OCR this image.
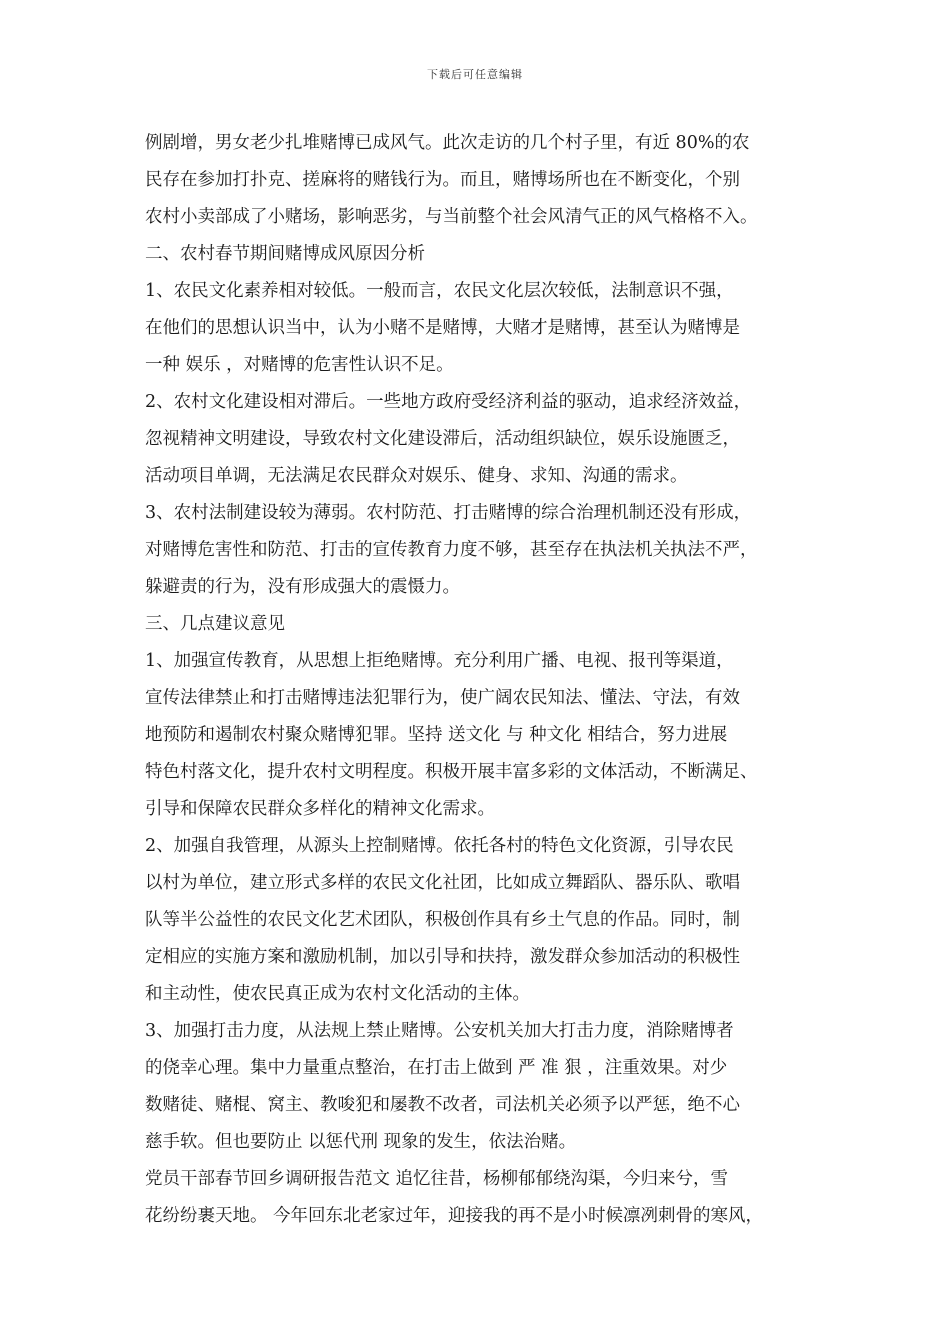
下载后可任意编辑
例剧增，男女老少扎堆赌博已成风气。此次走访的几个村子里，有近 80%的农
民存在参加打扑克、搓麻将的赌钱行为。而且，赌博场所也在不断变化，个别
农村小卖部成了小赌场，影响恶劣，与当前整个社会风清气正的风气格格不入。
二、农村春节期间赌博成风原因分析
1、农民文化素养相对较低。一般而言，农民文化层次较低，法制意识不强，
在他们的思想认识当中，认为小赌不是赌博，大赌才是赌博，甚至认为赌博是
一种 娱乐 ，对赌博的危害性认识不足。
2、农村文化建设相对滞后。一些地方政府受经济利益的驱动，追求经济效益，
忽视精神文明建设，导致农村文化建设滞后，活动组织缺位，娱乐设施匮乏，
活动项目单调，无法满足农民群众对娱乐、健身、求知、沟通的需求。
3、农村法制建设较为薄弱。农村防范、打击赌博的综合治理机制还没有形成，
对赌博危害性和防范、打击的宣传教育力度不够，甚至存在执法机关执法不严，
躲避责的行为，没有形成强大的震慑力。
三、几点建议意见
1、加强宣传教育，从思想上拒绝赌博。充分利用广播、电视、报刊等渠道，
宣传法律禁止和打击赌博违法犯罪行为，使广阔农民知法、懂法、守法，有效
地预防和遏制农村聚众赌博犯罪。坚持 送文化 与 种文化 相结合，努力进展
特色村落文化，提升农村文明程度。积极开展丰富多彩的文体活动，不断满足、
引导和保障农民群众多样化的精神文化需求。
2、加强自我管理，从源头上控制赌博。依托各村的特色文化资源，引导农民
以村为单位，建立形式多样的农民文化社团，比如成立舞蹈队、器乐队、歌唱
队等半公益性的农民文化艺术团队，积极创作具有乡土气息的作品。同时，制
定相应的实施方案和激励机制，加以引导和扶持，激发群众参加活动的积极性
和主动性，使农民真正成为农村文化活动的主体。
3、加强打击力度，从法规上禁止赌博。公安机关加大打击力度，消除赌博者
的侥幸心理。集中力量重点整治，在打击上做到 严 准 狠 ，注重效果。对少
数赌徒、赌棍、窝主、教唆犯和屡教不改者，司法机关必须予以严惩，绝不心
慈手软。但也要防止 以惩代刑 现象的发生，依法治赌。
党员干部春节回乡调研报告范文 追忆往昔，杨柳郁郁绕沟渠，今归来兮，雪
花纷纷裹天地。 今年回东北老家过年，迎接我的再不是小时候凛冽刺骨的寒风，
